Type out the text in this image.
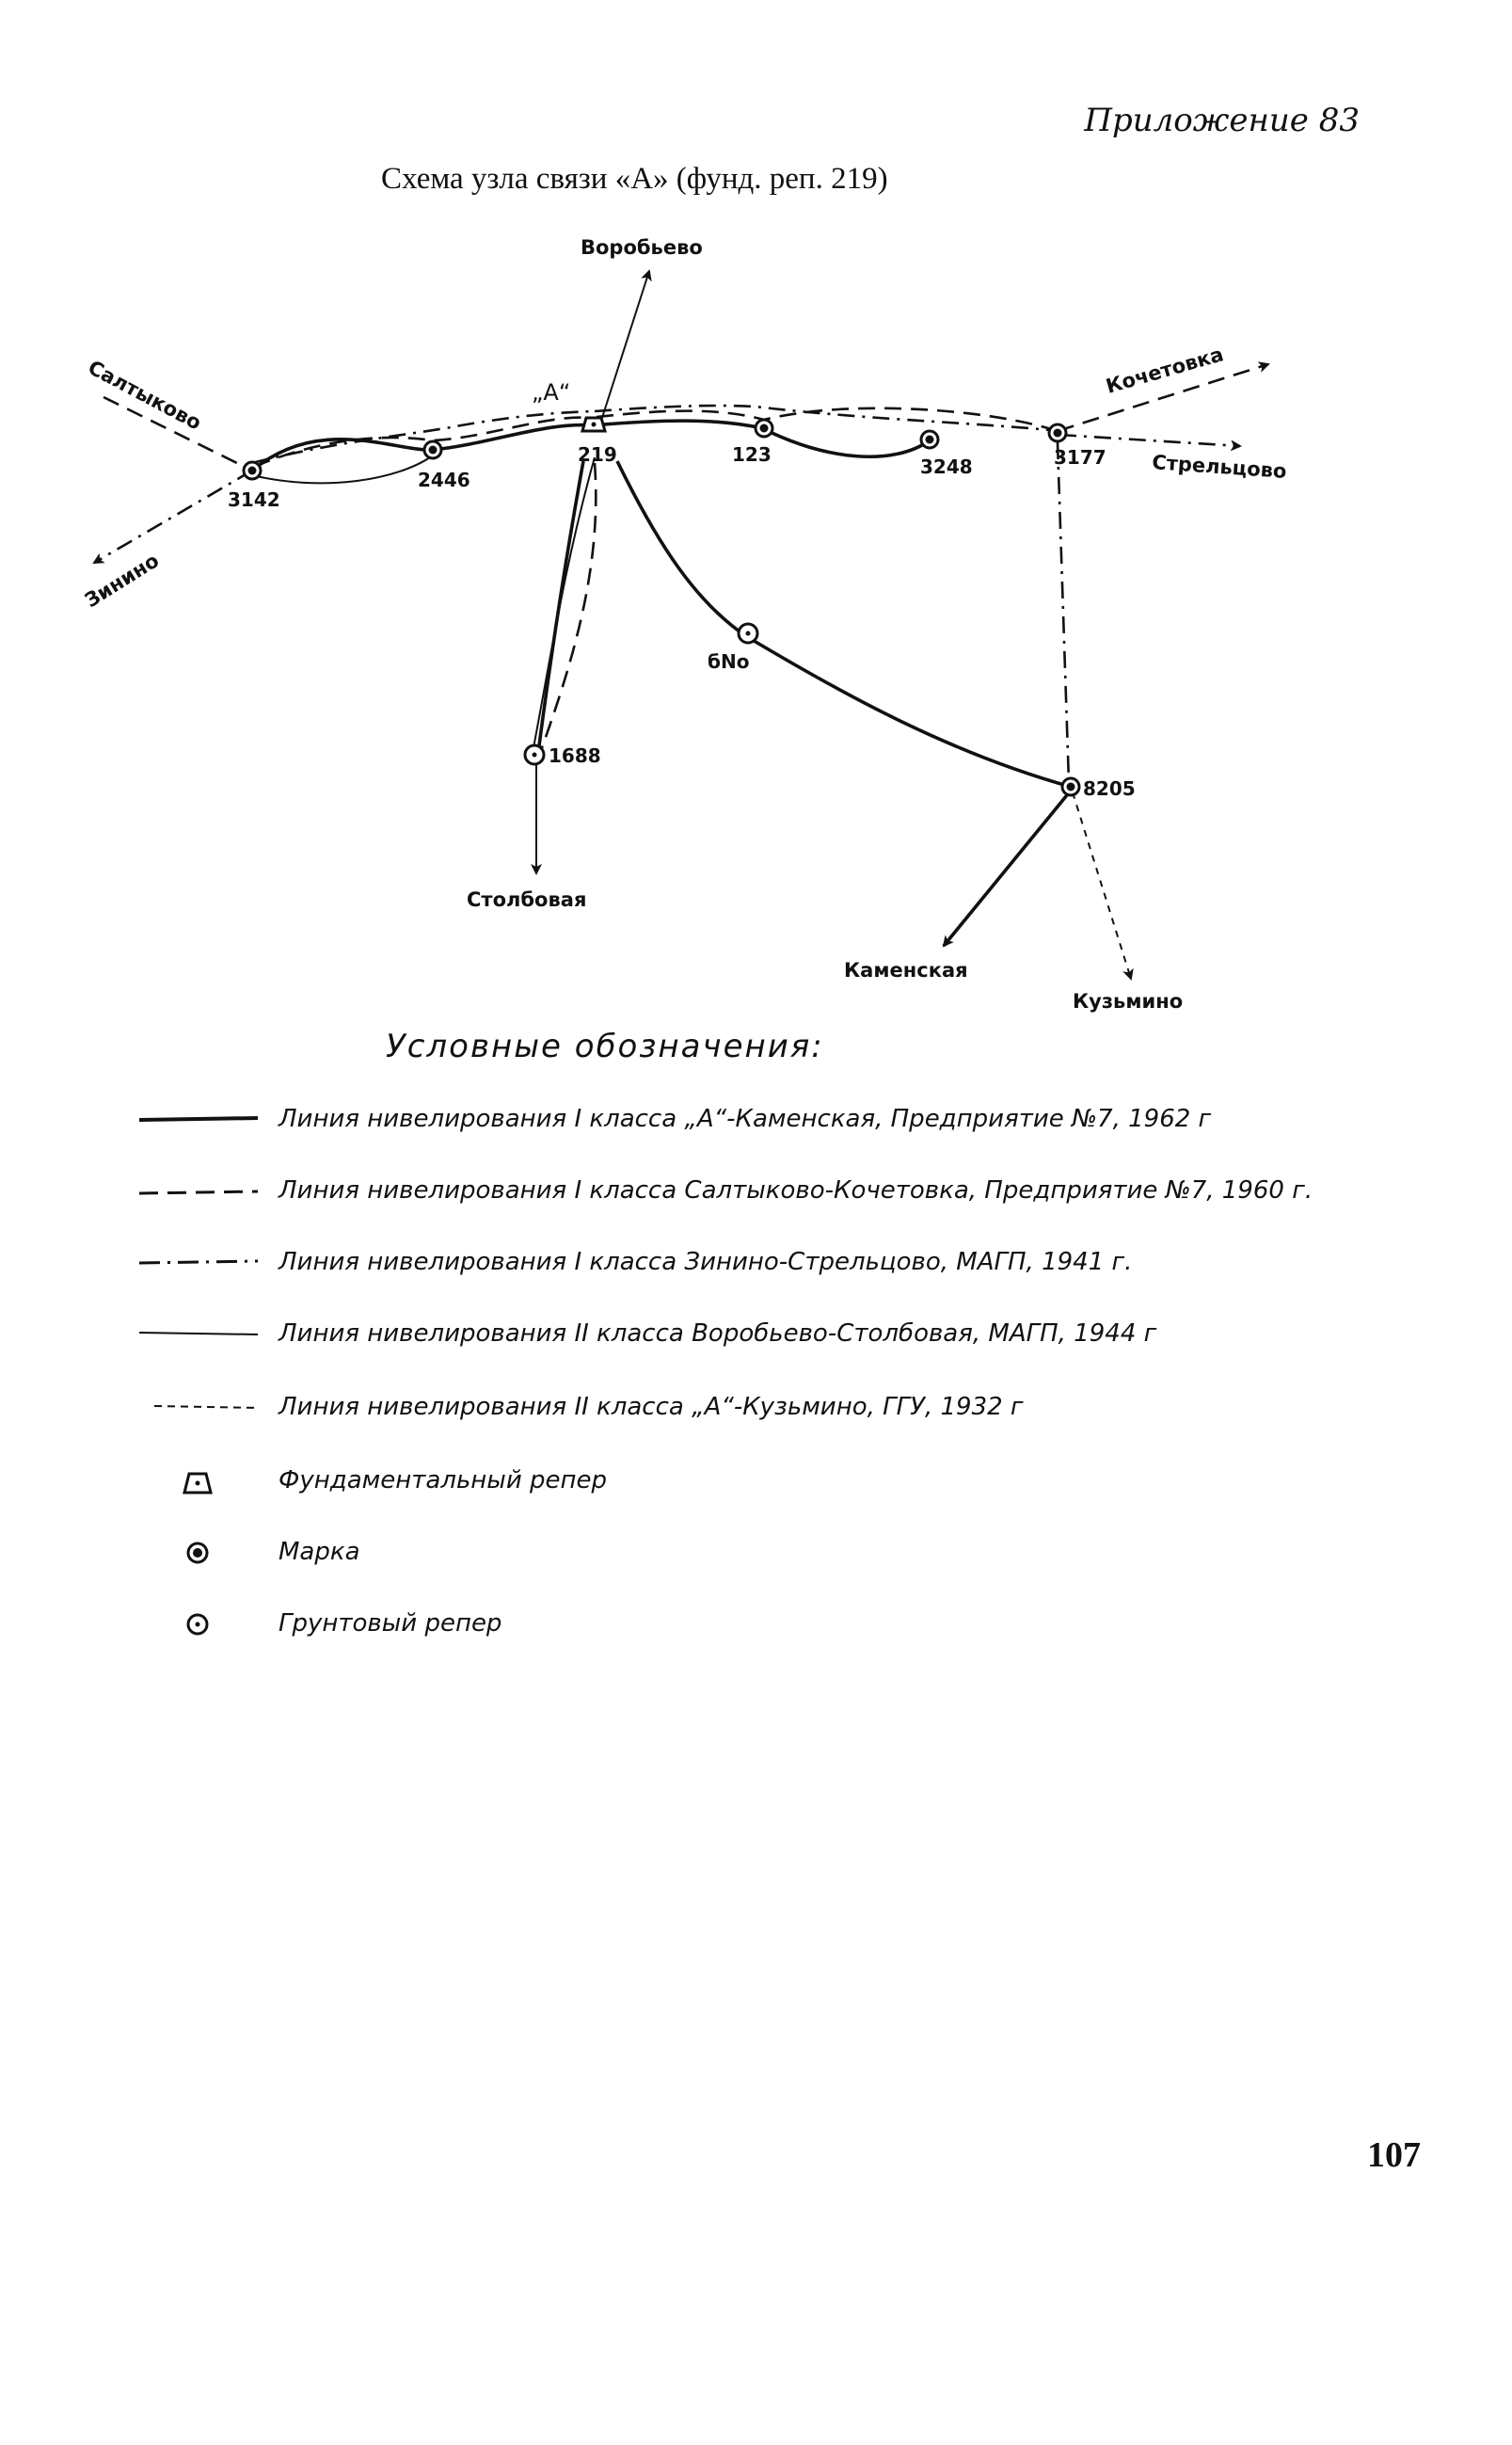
Приложение 83
Схема узла связи «А» (фунд. реп. 219)
„А“
219
3142
2446
123
3248	3177
1688
бNo
8205
Воробьево
Салтыково
Зинино
Кочетовка
Стрельцово
Столбовая
Каменская
Кузьмино
Условные обозначения:
Линия нивелирования I класса „А“-Каменская, Предприятие №7, 1962 г
Линия нивелирования I класса Салтыково-Кочетовка, Предприятие №7, 1960 г.
Линия нивелирования I класса Зинино-Стрельцово, МАГП, 1941 г.
Линия нивелирования II класса Воробьево-Столбовая, МАГП, 1944 г
Линия нивелирования II класса „А“-Кузьмино, ГГУ, 1932 г
Фундаментальный репер
Марка
Грунтовый репер
107
